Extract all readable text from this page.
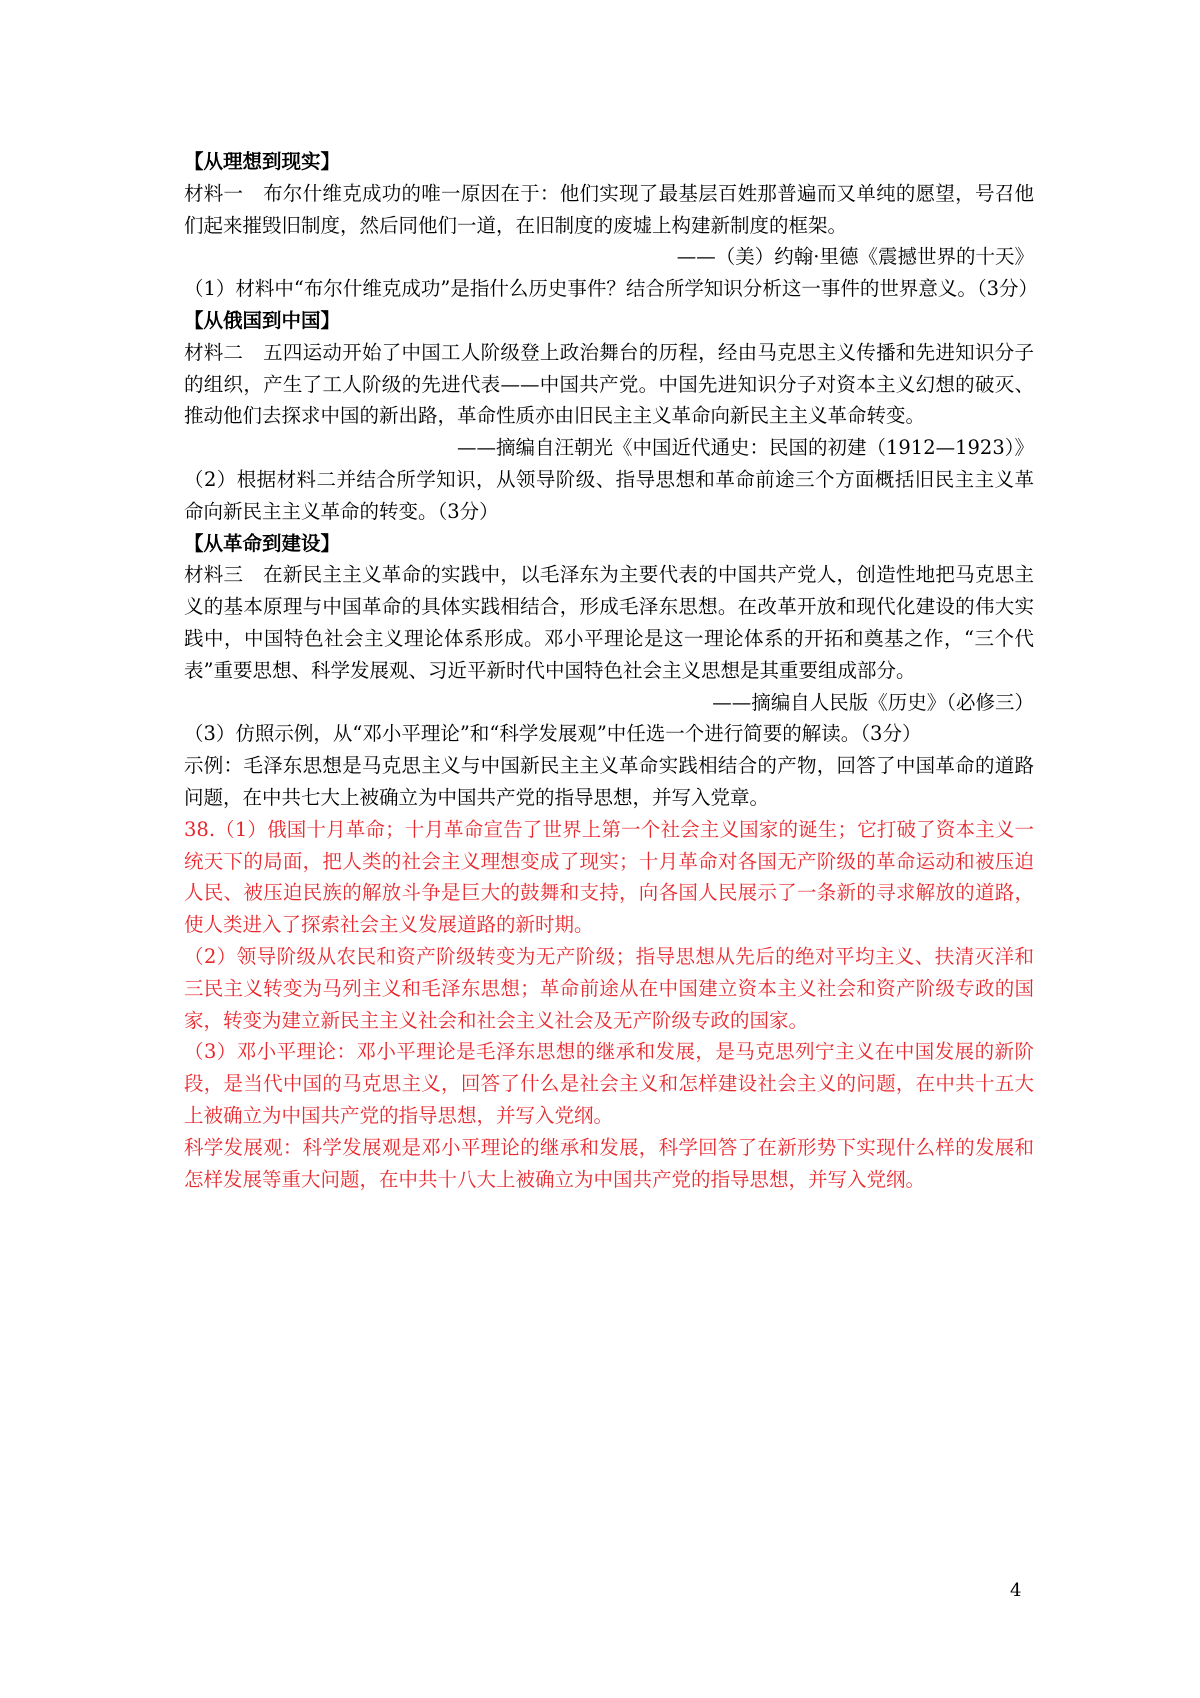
【从理想到现实】

材料一　布尔什维克成功的唯一原因在于：他们实现了最基层百姓那普遍而又单纯的愿望，号召他们起来摧毁旧制度，然后同他们一道，在旧制度的废墟上构建新制度的框架。

——（美）约翰·里德《震撼世界的十天》

（1）材料中“布尔什维克成功”是指什么历史事件？结合所学知识分析这一事件的世界意义。（3分）

【从俄国到中国】

材料二　五四运动开始了中国工人阶级登上政治舞台的历程，经由马克思主义传播和先进知识分子的组织，产生了工人阶级的先进代表——中国共产党。中国先进知识分子对资本主义幻想的破灭、推动他们去探求中国的新出路，革命性质亦由旧民主主义革命向新民主主义革命转变。

——摘编自汪朝光《中国近代通史：民国的初建（1912—1923）》

（2）根据材料二并结合所学知识，从领导阶级、指导思想和革命前途三个方面概括旧民主主义革命向新民主主义革命的转变。（3分）

【从革命到建设】

材料三　在新民主主义革命的实践中，以毛泽东为主要代表的中国共产党人，创造性地把马克思主义的基本原理与中国革命的具体实践相结合，形成毛泽东思想。在改革开放和现代化建设的伟大实践中，中国特色社会主义理论体系形成。邓小平理论是这一理论体系的开拓和奠基之作，“三个代表”重要思想、科学发展观、习近平新时代中国特色社会主义思想是其重要组成部分。

——摘编自人民版《历史》（必修三）

（3）仿照示例，从“邓小平理论”和“科学发展观”中任选一个进行简要的解读。（3分）

示例：毛泽东思想是马克思主义与中国新民主主义革命实践相结合的产物，回答了中国革命的道路问题，在中共七大上被确立为中国共产党的指导思想，并写入党章。

38.（1）俄国十月革命；十月革命宣告了世界上第一个社会主义国家的诞生；它打破了资本主义一统天下的局面，把人类的社会主义理想变成了现实；十月革命对各国无产阶级的革命运动和被压迫人民、被压迫民族的解放斗争是巨大的鼓舞和支持，向各国人民展示了一条新的寻求解放的道路，使人类进入了探索社会主义发展道路的新时期。

（2）领导阶级从农民和资产阶级转变为无产阶级；指导思想从先后的绝对平均主义、扶清灭洋和三民主义转变为马列主义和毛泽东思想；革命前途从在中国建立资本主义社会和资产阶级专政的国家，转变为建立新民主主义社会和社会主义社会及无产阶级专政的国家。

（3）邓小平理论：邓小平理论是毛泽东思想的继承和发展，是马克思列宁主义在中国发展的新阶段，是当代中国的马克思主义，回答了什么是社会主义和怎样建设社会主义的问题，在中共十五大上被确立为中国共产党的指导思想，并写入党纲。

科学发展观：科学发展观是邓小平理论的继承和发展，科学回答了在新形势下实现什么样的发展和怎样发展等重大问题，在中共十八大上被确立为中国共产党的指导思想，并写入党纲。

4
